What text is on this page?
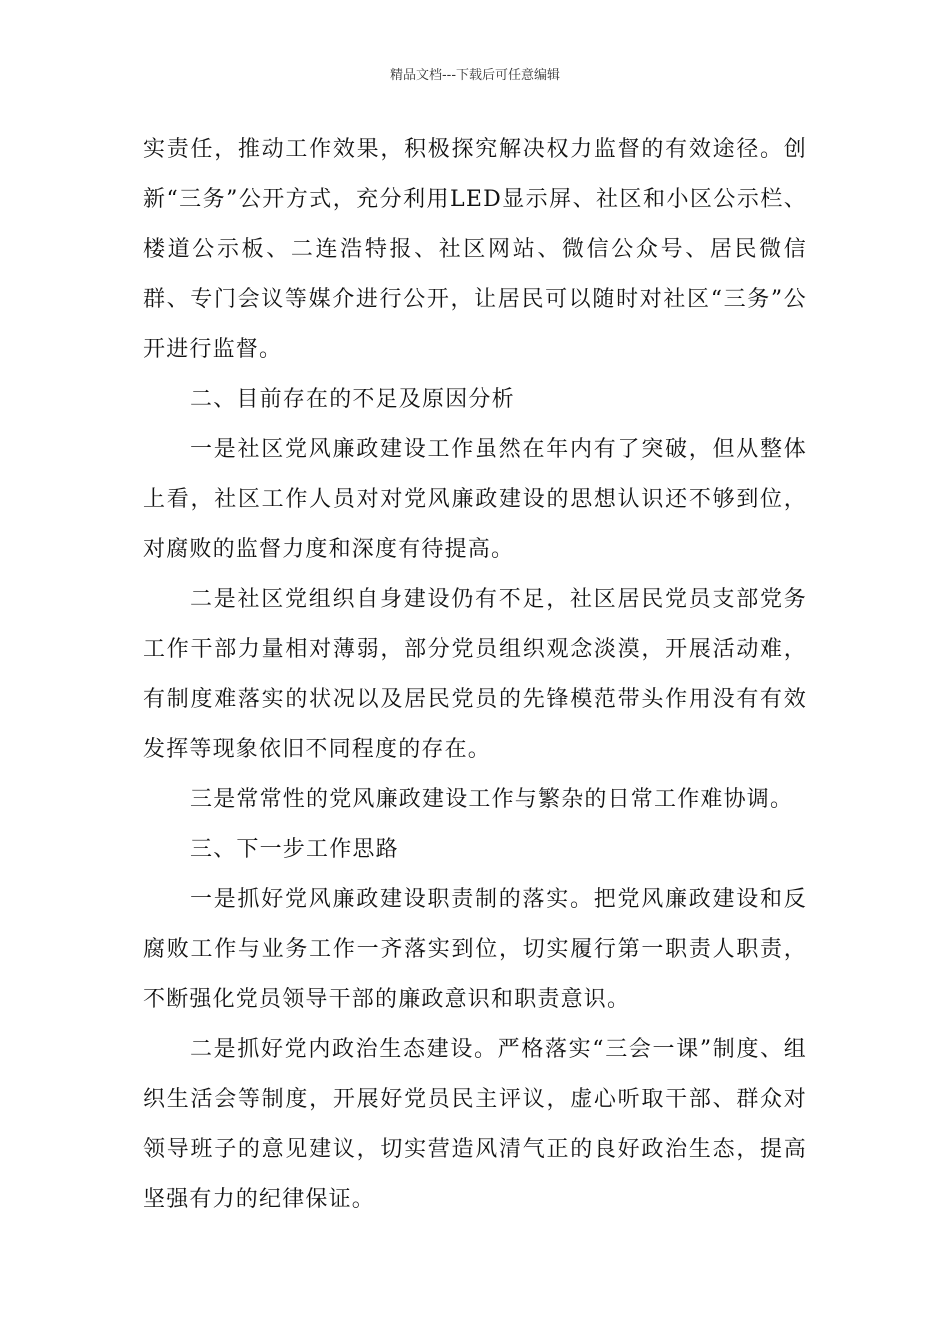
精品文档---下载后可任意编辑

实责任，推动工作效果，积极探究解决权力监督的有效途径。创新“三务”公开方式，充分利用LED显示屏、社区和小区公示栏、楼道公示板、二连浩特报、社区网站、微信公众号、居民微信群、专门会议等媒介进行公开，让居民可以随时对社区“三务”公开进行监督。

二、目前存在的不足及原因分析

一是社区党风廉政建设工作虽然在年内有了突破，但从整体上看，社区工作人员对对党风廉政建设的思想认识还不够到位，对腐败的监督力度和深度有待提高。

二是社区党组织自身建设仍有不足，社区居民党员支部党务工作干部力量相对薄弱，部分党员组织观念淡漠，开展活动难，有制度难落实的状况以及居民党员的先锋模范带头作用没有有效发挥等现象依旧不同程度的存在。

三是常常性的党风廉政建设工作与繁杂的日常工作难协调。

三、下一步工作思路

一是抓好党风廉政建设职责制的落实。把党风廉政建设和反腐败工作与业务工作一齐落实到位，切实履行第一职责人职责，不断强化党员领导干部的廉政意识和职责意识。

二是抓好党内政治生态建设。严格落实“三会一课”制度、组织生活会等制度，开展好党员民主评议，虚心听取干部、群众对领导班子的意见建议，切实营造风清气正的良好政治生态，提高坚强有力的纪律保证。
